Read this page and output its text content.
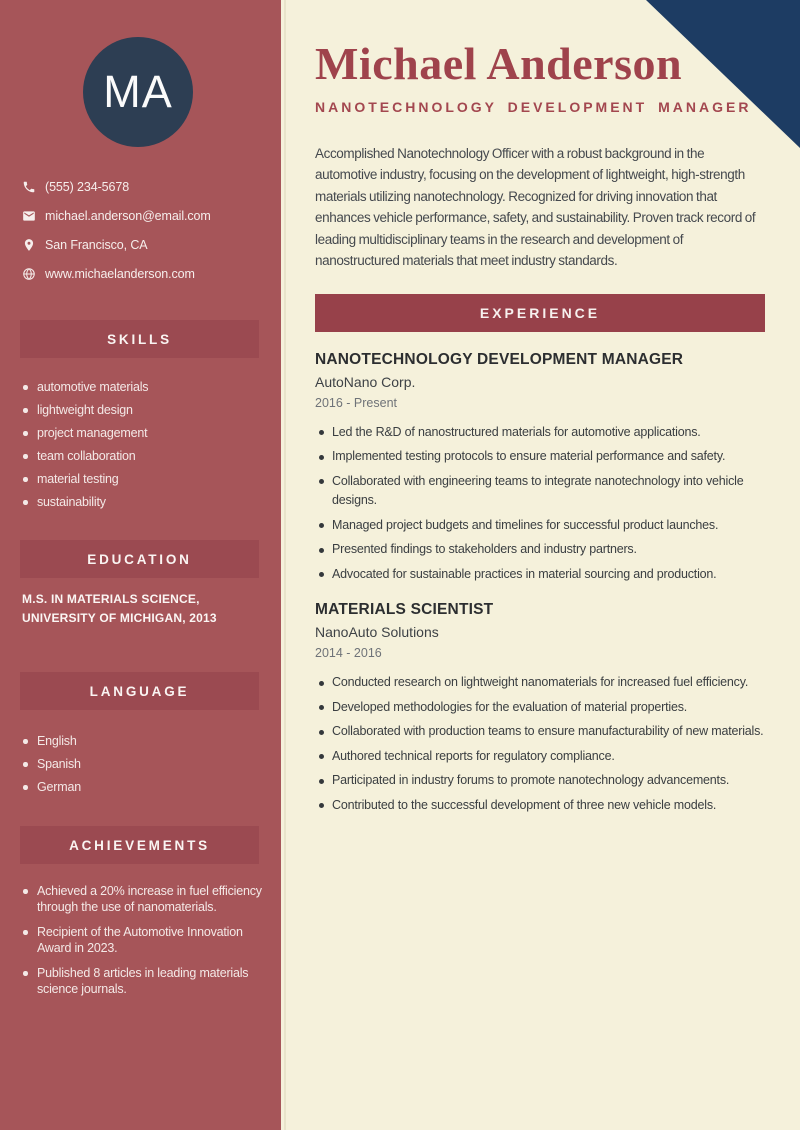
MA
(555) 234-5678
michael.anderson@email.com
San Francisco, CA
www.michaelanderson.com
SKILLS
automotive materials
lightweight design
project management
team collaboration
material testing
sustainability
EDUCATION

M.S. IN MATERIALS SCIENCE, UNIVERSITY OF MICHIGAN, 2013

LANGUAGE
English
Spanish
German
ACHIEVEMENTS
Achieved a 20% increase in fuel efficiency through the use of nanomaterials.
Recipient of the Automotive Innovation Award in 2023.
Published 8 articles in leading materials science journals.
Michael Anderson
NANOTECHNOLOGY DEVELOPMENT MANAGER

Accomplished Nanotechnology Officer with a robust background in the automotive industry, focusing on the development of lightweight, high-strength materials utilizing nanotechnology. Recognized for driving innovation that enhances vehicle performance, safety, and sustainability. Proven track record of leading multidisciplinary teams in the research and development of nanostructured materials that meet industry standards.

EXPERIENCE
NANOTECHNOLOGY DEVELOPMENT MANAGER
AutoNano Corp.
2016 - Present
Led the R&D of nanostructured materials for automotive applications.
Implemented testing protocols to ensure material performance and safety.
Collaborated with engineering teams to integrate nanotechnology into vehicle designs.
Managed project budgets and timelines for successful product launches.
Presented findings to stakeholders and industry partners.
Advocated for sustainable practices in material sourcing and production.
MATERIALS SCIENTIST
NanoAuto Solutions
2014 - 2016
Conducted research on lightweight nanomaterials for increased fuel efficiency.
Developed methodologies for the evaluation of material properties.
Collaborated with production teams to ensure manufacturability of new materials.
Authored technical reports for regulatory compliance.
Participated in industry forums to promote nanotechnology advancements.
Contributed to the successful development of three new vehicle models.
